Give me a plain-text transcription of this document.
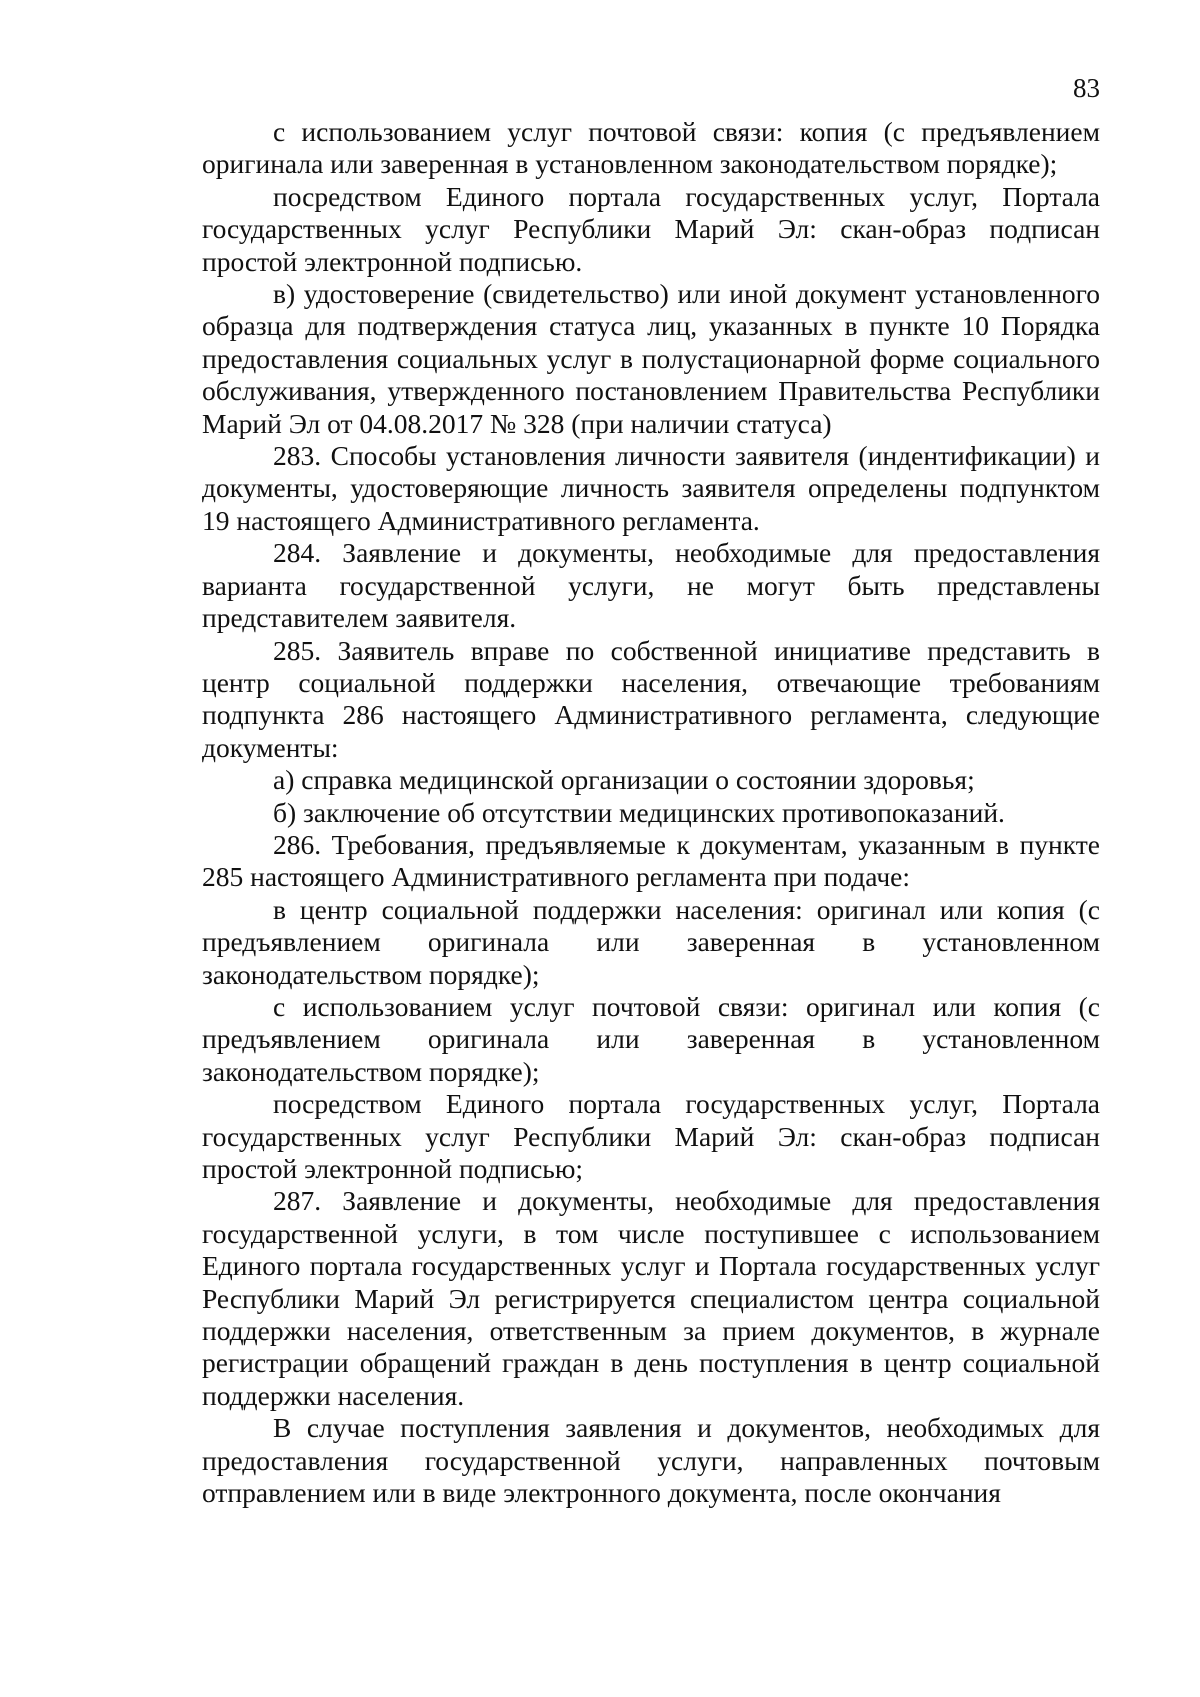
83

с использованием услуг почтовой связи: копия (с предъявлением оригинала или заверенная в установленном законодательством порядке);

посредством Единого портала государственных услуг, Портала государственных услуг Республики Марий Эл: скан-образ подписан простой электронной подписью.

в) удостоверение (свидетельство) или иной документ установленного образца для подтверждения статуса лиц, указанных в пункте 10 Порядка предоставления социальных услуг в полустационарной форме социального обслуживания, утвержденного постановлением Правительства Республики Марий Эл от 04.08.2017 № 328 (при наличии статуса)

283. Способы установления личности заявителя (индентификации) и документы, удостоверяющие личность заявителя определены подпунктом 19 настоящего Административного регламента.

284. Заявление и документы, необходимые для предоставления варианта государственной услуги, не могут быть представлены представителем заявителя.

285. Заявитель вправе по собственной инициативе представить в центр социальной поддержки населения, отвечающие требованиям подпункта 286 настоящего Административного регламента, следующие документы:

а) справка медицинской организации о состоянии здоровья;

б) заключение об отсутствии медицинских противопоказаний.

286. Требования, предъявляемые к документам, указанным в пункте 285 настоящего Административного регламента при подаче:

в центр социальной поддержки населения: оригинал или копия (с предъявлением оригинала или заверенная в установленном законодательством порядке);

с использованием услуг почтовой связи: оригинал или копия (с предъявлением оригинала или заверенная в установленном законодательством порядке);

посредством Единого портала государственных услуг, Портала государственных услуг Республики Марий Эл: скан-образ подписан простой электронной подписью;

287. Заявление и документы, необходимые для предоставления государственной услуги, в том числе поступившее с использованием Единого портала государственных услуг и Портала государственных услуг Республики Марий Эл регистрируется специалистом центра социальной поддержки населения, ответственным за прием документов, в журнале регистрации обращений граждан в день поступления в центр социальной поддержки населения.

В случае поступления заявления и документов, необходимых для предоставления государственной услуги, направленных почтовым отправлением или в виде электронного документа, после окончания
